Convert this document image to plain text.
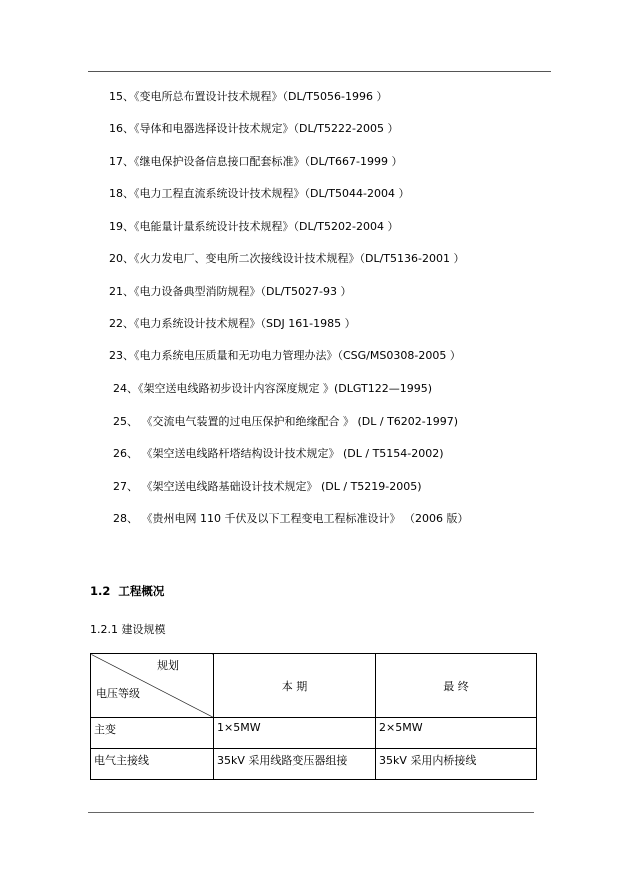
15、《变电所总布置设计技术规程》（DL/T5056-1996 ）
16、《导体和电器选择设计技术规定》（DL/T5222-2005 ）
17、《继电保护设备信息接口配套标准》（DL/T667-1999 ）
18、《电力工程直流系统设计技术规程》（DL/T5044-2004 ）
19、《电能量计量系统设计技术规程》（DL/T5202-2004 ）
20、《火力发电厂、变电所二次接线设计技术规程》（DL/T5136-2001 ）
21、《电力设备典型消防规程》（DL/T5027-93 ）
22、《电力系统设计技术规程》（SDJ 161-1985 ）
23、《电力系统电压质量和无功电力管理办法》（CSG/MS0308-2005 ）
24、《架空送电线路初步设计内容深度规定 》(DLGT122—1995)
25、 《交流电气装置的过电压保护和绝缘配合 》 (DL / T6202-1997)
26、 《架空送电线路杆塔结构设计技术规定》 (DL / T5154-2002)
27、 《架空送电线路基础设计技术规定》 (DL / T5219-2005)
28、 《贵州电网 110 千伏及以下工程变电工程标准设计》 （2006 版）
1.2 工程概况
1.2.1 建设规模
规划
电压等级	本 期	最 终
主变	1×5MW	2×5MW
电气主接线	35kV 采用线路变压器组接	35kV 采用内桥接线
